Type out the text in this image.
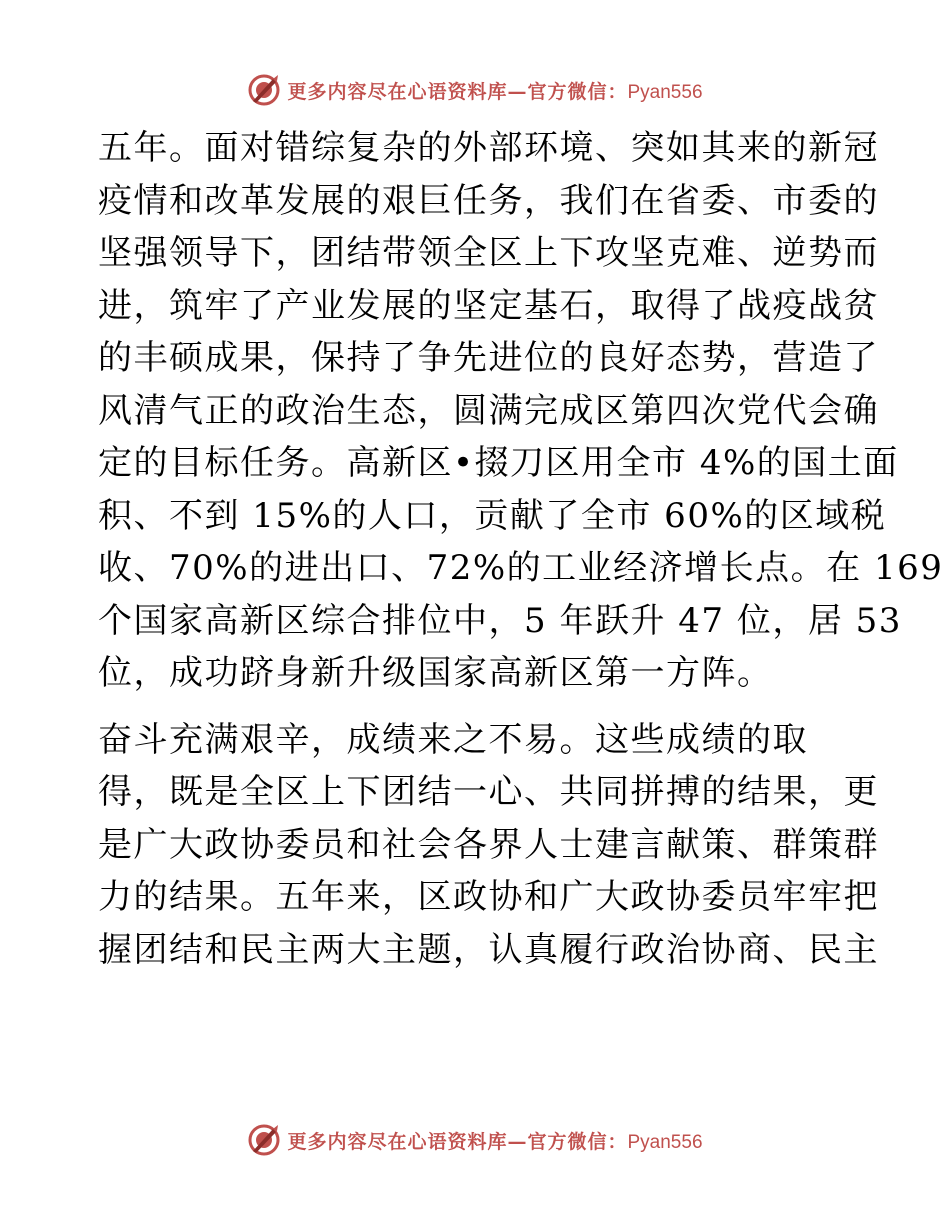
更多内容尽在心语资料库—官方微信：Pyan556
五年。面对错综复杂的外部环境、突如其来的新冠
疫情和改革发展的艰巨任务，我们在省委、市委的
坚强领导下，团结带领全区上下攻坚克难、逆势而
进，筑牢了产业发展的坚定基石，取得了战疫战贫
的丰硕成果，保持了争先进位的良好态势，营造了
风清气正的政治生态，圆满完成区第四次党代会确
定的目标任务。高新区•掇刀区用全市 4%的国土面
积、不到 15%的人口，贡献了全市 60%的区域税
收、70%的进出口、72%的工业经济增长点。在 169
个国家高新区综合排位中，5 年跃升 47 位，居 53
位，成功跻身新升级国家高新区第一方阵。
奋斗充满艰辛，成绩来之不易。这些成绩的取
得，既是全区上下团结一心、共同拼搏的结果，更
是广大政协委员和社会各界人士建言献策、群策群
力的结果。五年来，区政协和广大政协委员牢牢把
握团结和民主两大主题，认真履行政治协商、民主
更多内容尽在心语资料库—官方微信：Pyan556
